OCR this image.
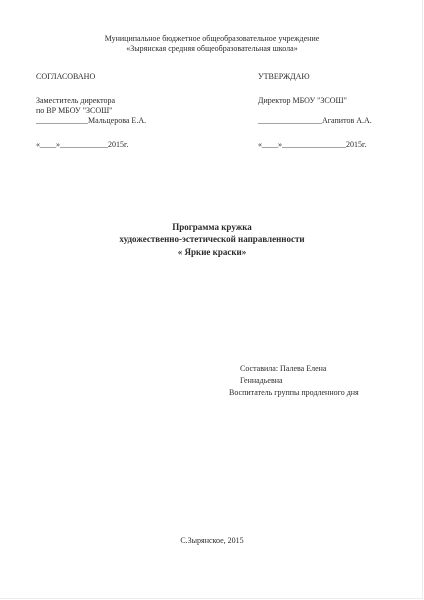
Муниципальное бюджетное общеобразовательное учреждение
«Зырянская средняя общеобразовательная школа»
СОГЛАСОВАНО
Заместитель директора
по ВР МБОУ "ЗСОШ"
_____________Мальцерова Е.А.
«____»____________2015г.
УТВЕРЖДАЮ
Директор МБОУ "ЗСОШ"
________________Агапитов А.А.
«____»________________2015г.
Программа кружка
художественно-эстетической направленности
« Яркие краски»
Составила: Палева Елена
Геннадьевна
Воспитатель группы продленного дня
С.Зырянское, 2015
